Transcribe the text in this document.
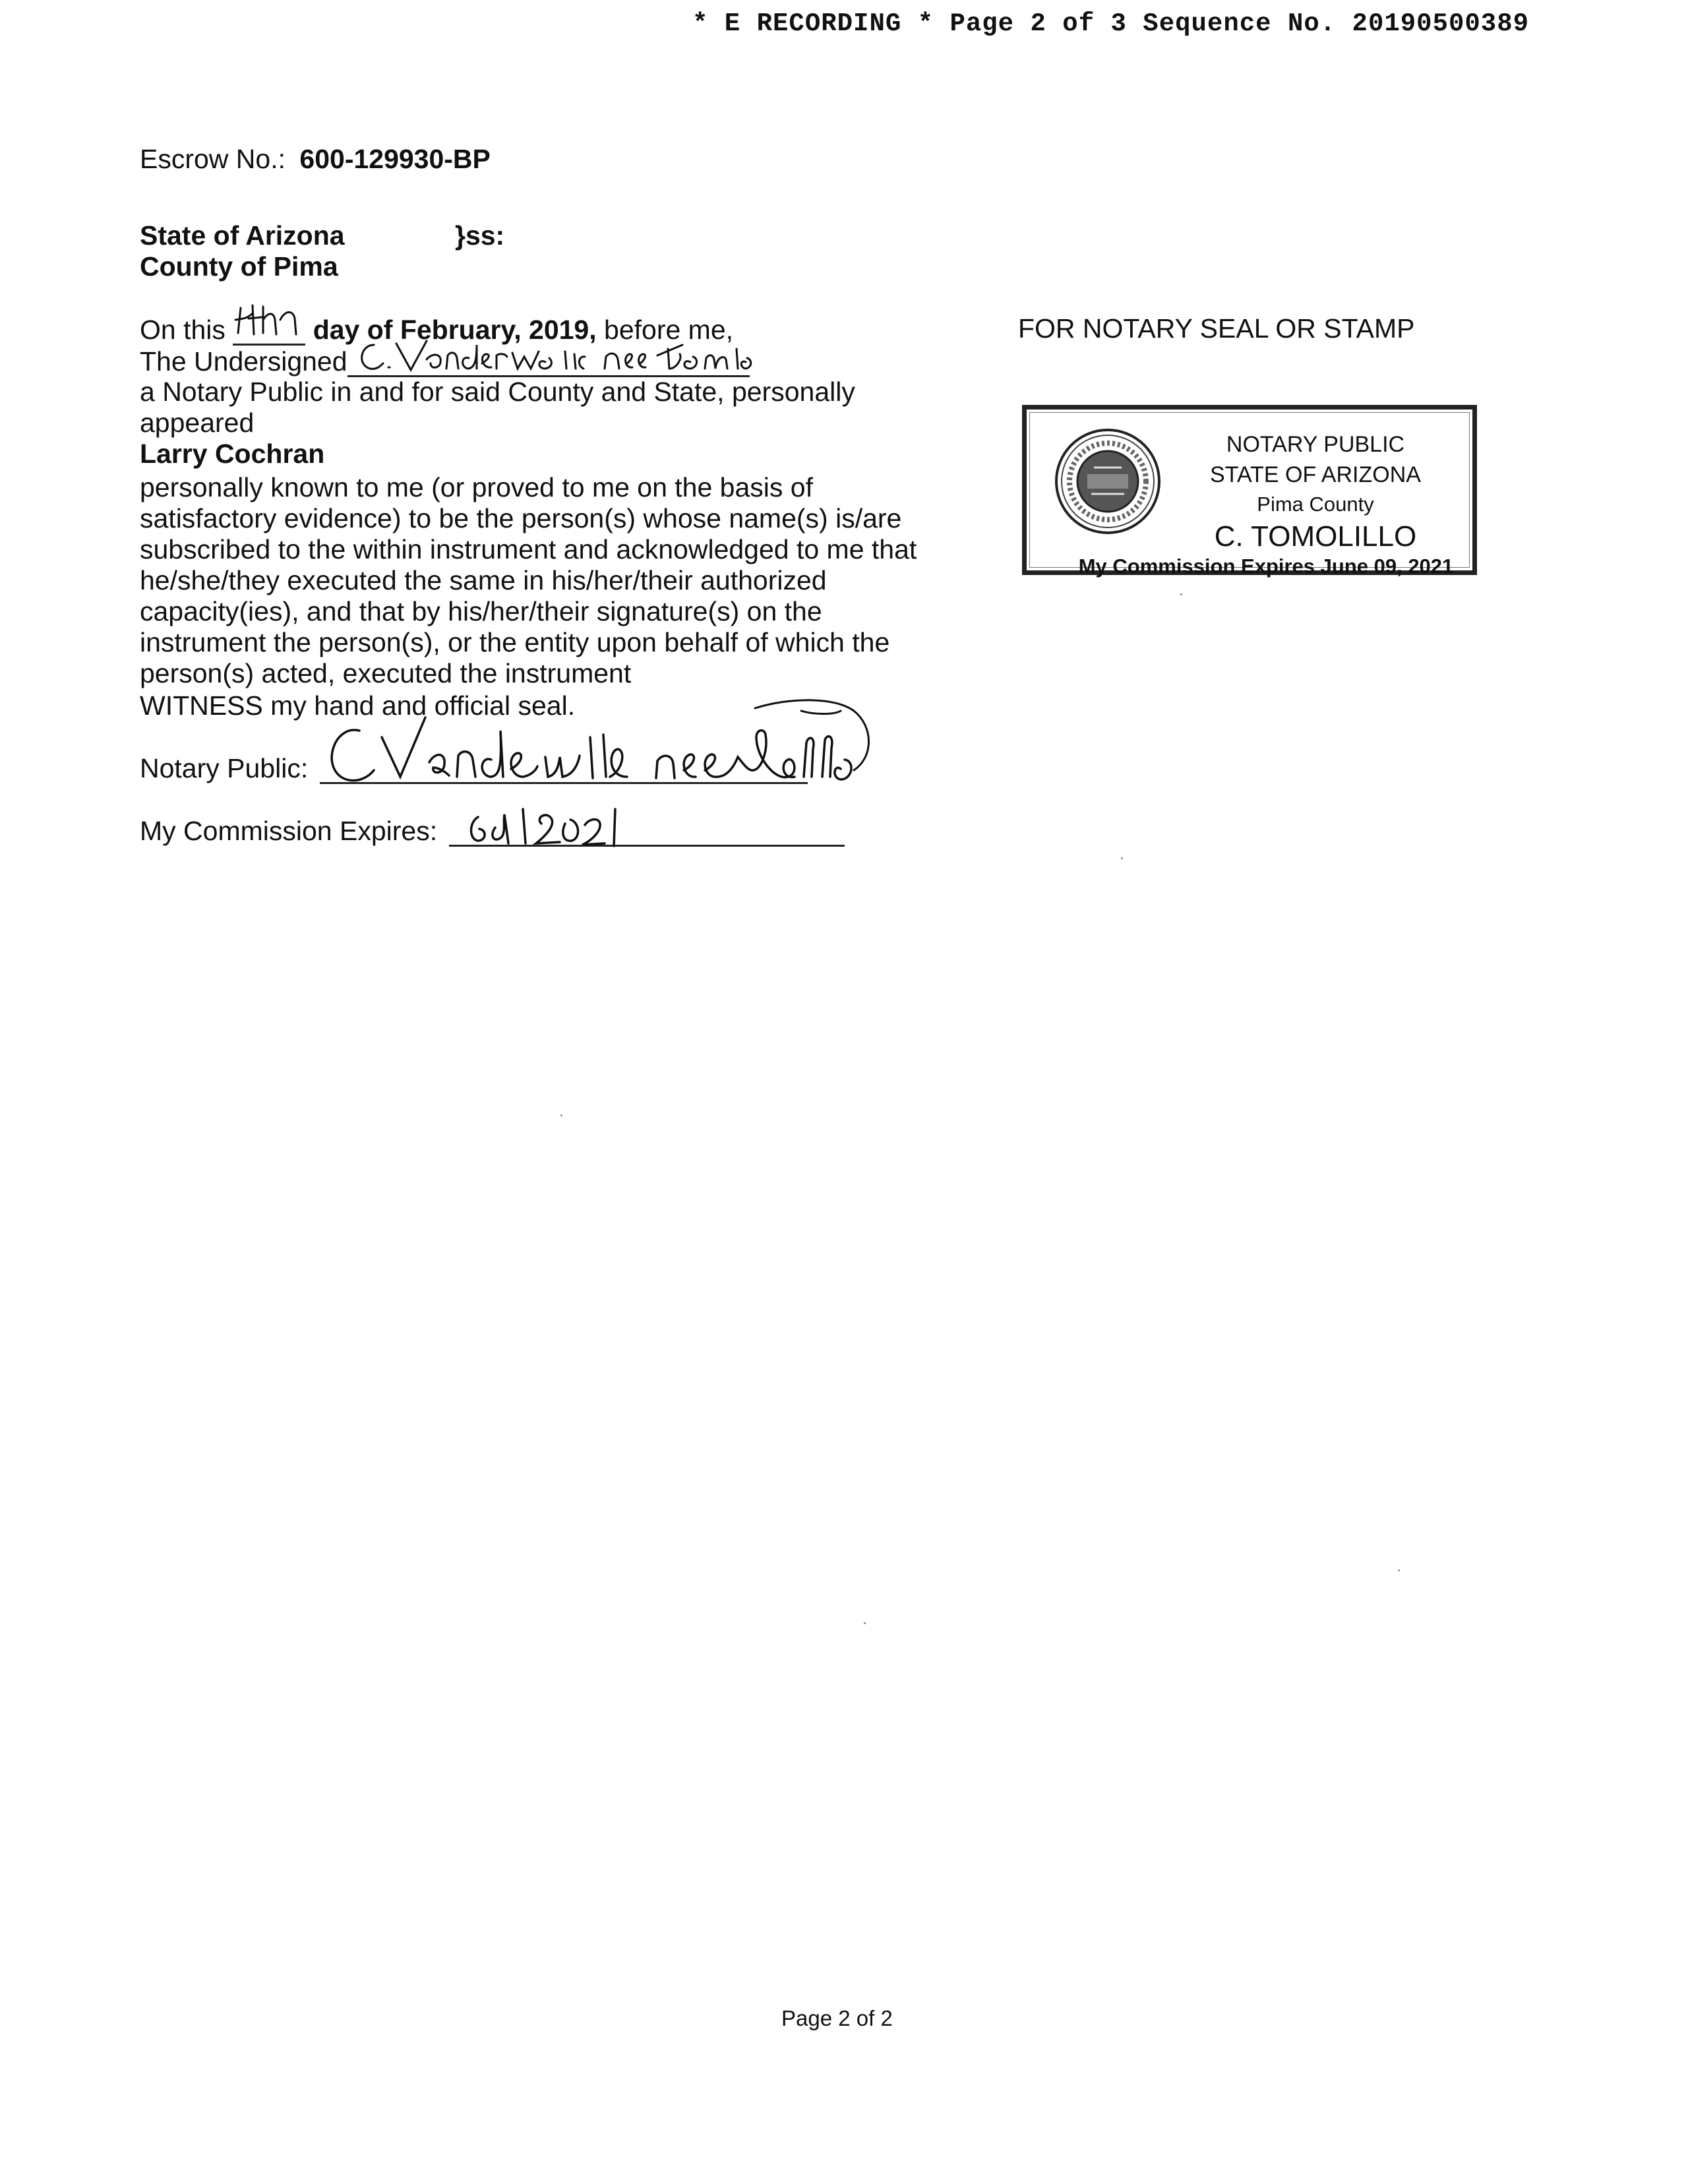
* E RECORDING * Page 2 of 3 Sequence No. 20190500389
Escrow No.: 600-129930-BP
State of Arizona	}ss:
County of Pima
On this	day of February, 2019, before me,
The Undersigned
a Notary Public in and for said County and State, personally
appeared
Larry Cochran

personally known to me (or proved to me on the basis of

satisfactory evidence) to be the person(s) whose name(s) is/are

subscribed to the within instrument and acknowledged to me that

he/she/they executed the same in his/her/their authorized

capacity(ies), and that by his/her/their signature(s) on the

instrument the person(s), or the entity upon behalf of which the

person(s) acted, executed the instrument

WITNESS my hand and official seal.
Notary Public:
My Commission Expires:
FOR NOTARY SEAL OR STAMP
NOTARY PUBLIC
STATE OF ARIZONA
Pima County
C. TOMOLILLO
My Commission Expires June 09, 2021
Page 2 of 2
